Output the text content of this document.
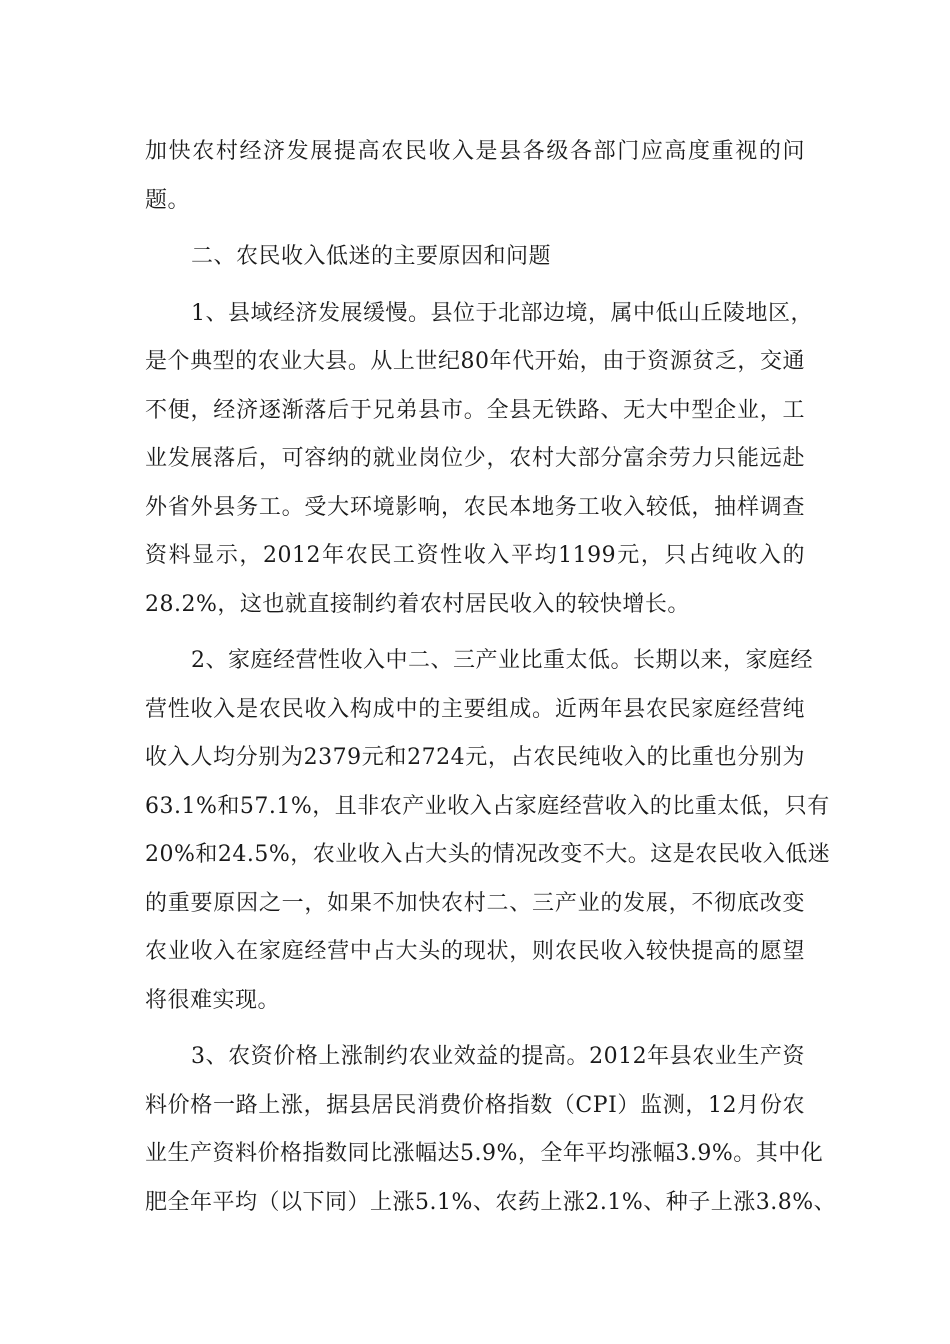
加快农村经济发展提高农民收入是县各级各部门应高度重视的问
题。
二、农民收入低迷的主要原因和问题
1、县域经济发展缓慢。县位于北部边境，属中低山丘陵地区，
是个典型的农业大县。从上世纪80年代开始，由于资源贫乏，交通
不便，经济逐渐落后于兄弟县市。全县无铁路、无大中型企业，工
业发展落后，可容纳的就业岗位少，农村大部分富余劳力只能远赴
外省外县务工。受大环境影响，农民本地务工收入较低，抽样调查
资料显示，2012年农民工资性收入平均1199元，只占纯收入的
28.2%，这也就直接制约着农村居民收入的较快增长。
2、家庭经营性收入中二、三产业比重太低。长期以来，家庭经
营性收入是农民收入构成中的主要组成。近两年县农民家庭经营纯
收入人均分别为2379元和2724元，占农民纯收入的比重也分别为
63.1%和57.1%，且非农产业收入占家庭经营收入的比重太低，只有
20%和24.5%，农业收入占大头的情况改变不大。这是农民收入低迷
的重要原因之一，如果不加快农村二、三产业的发展，不彻底改变
农业收入在家庭经营中占大头的现状，则农民收入较快提高的愿望
将很难实现。
3、农资价格上涨制约农业效益的提高。2012年县农业生产资
料价格一路上涨，据县居民消费价格指数（CPI）监测，12月份农
业生产资料价格指数同比涨幅达5.9%，全年平均涨幅3.9%。其中化
肥全年平均（以下同）上涨5.1%、农药上涨2.1%、种子上涨3.8%、
